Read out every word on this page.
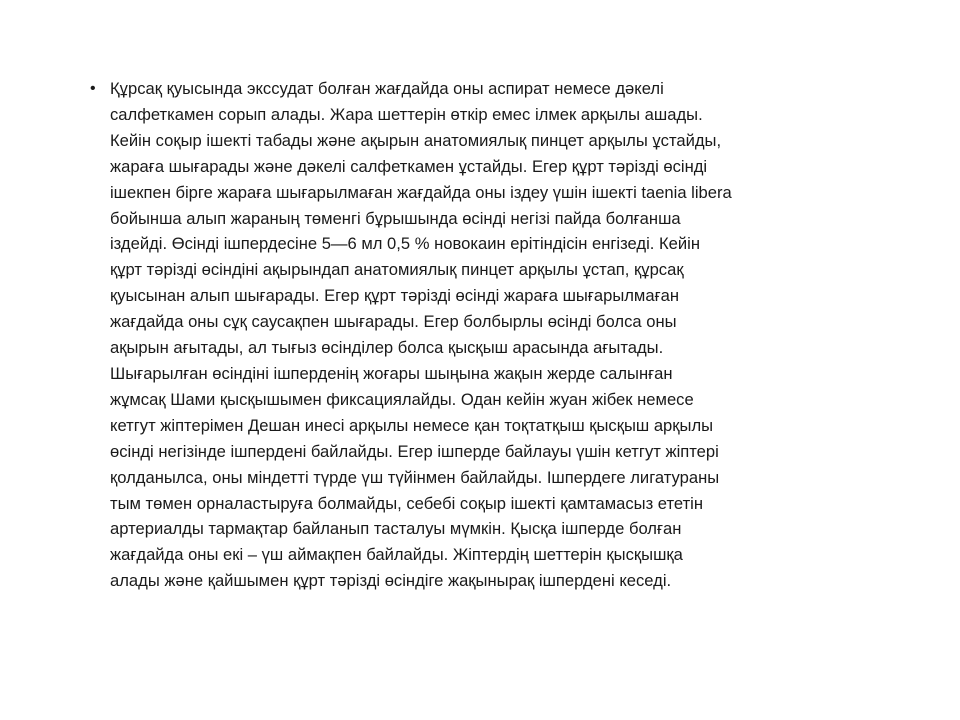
• Құрсақ қуысында экссудат болған жағдайда оны аспират немесе дәкелі
салфеткамен сорып алады. Жара шеттерін өткір емес ілмек арқылы ашады.
Кейін соқыр ішекті табады және ақырын анатомиялық пинцет арқылы ұстайды,
жараға шығарады және дәкелі салфеткамен ұстайды. Егер құрт тәрізді өсінді
ішекпен бірге жараға шығарылмаған жағдайда оны іздеу үшін ішекті taenia libera
бойынша алып жараның төменгі бұрышында өсінді негізі пайда болғанша
іздейді. Өсінді ішпердесіне 5—6 мл 0,5 % новокаин ерітіндісін енгізеді. Кейін
құрт тәрізді өсіндіні ақырындап анатомиялық пинцет арқылы ұстап, құрсақ
қуысынан алып шығарады. Егер құрт тәрізді өсінді жараға шығарылмаған
жағдайда оны сұқ саусақпен шығарады. Егер болбырлы өсінді болса оны
ақырын ағытады, ал тығыз өсінділер болса қысқыш арасында ағытады.
Шығарылған өсіндіні ішперденің жоғары шыңына жақын жерде салынған
жұмсақ Шами қысқышымен фиксациялайды. Одан кейін жуан жібек немесе
кетгут жіптерімен Дешан инесі арқылы немесе қан тоқтатқыш қысқыш арқылы
өсінді негізінде ішпердені байлайды. Егер ішперде байлауы үшін кетгут жіптері
қолданылса, оны міндетті түрде үш түйінмен байлайды. Ішпердеге лигатураны
тым төмен орналастыруға болмайды, себебі соқыр ішекті қамтамасыз ететін
артериалды тармақтар байланып тасталуы мүмкін. Қысқа ішперде болған
жағдайда оны екі – үш аймақпен байлайды. Жіптердің шеттерін қысқышқа
алады және қайшымен құрт тәрізді өсіндіге жақынырақ ішпердені кеседі.
